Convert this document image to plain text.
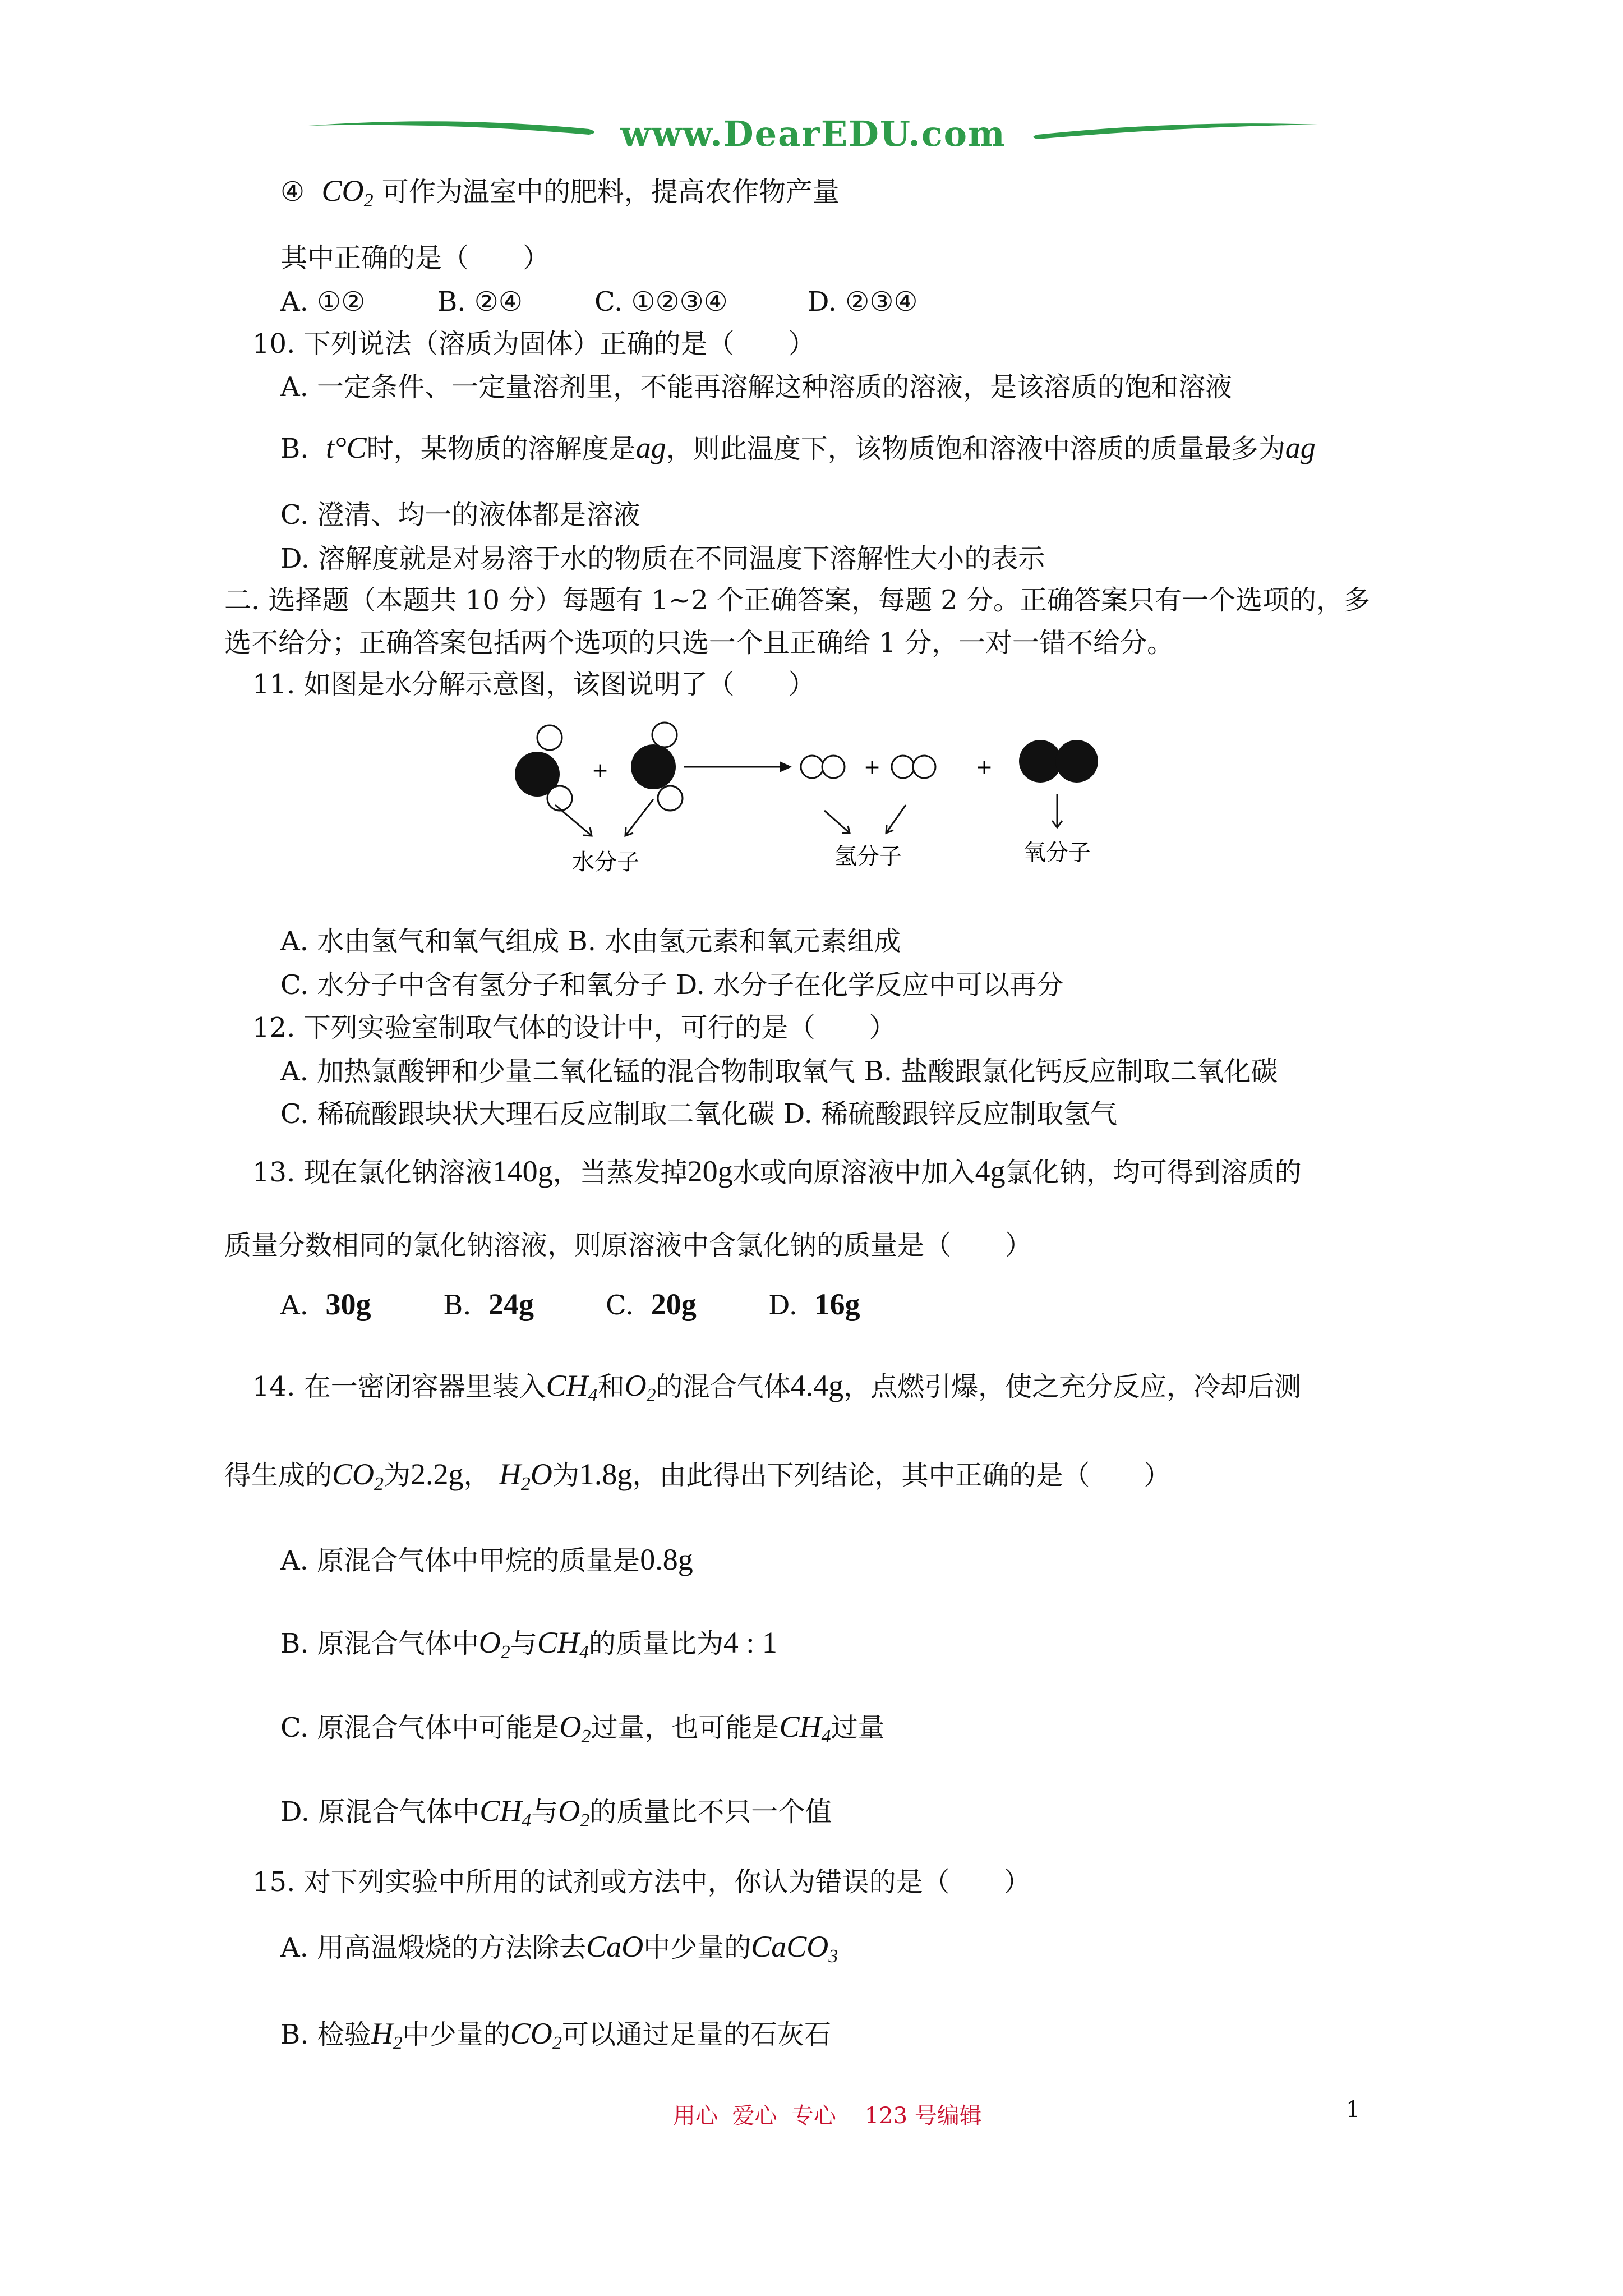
www.DearEDU.com
④ $CO_2$ 可作为温室中的肥料，提高农作物产量
其中正确的是（　　）
A. ①②	B. ②④	C. ①②③④	D. ②③④
10. 下列说法（溶质为固体）正确的是（　　）
A. 一定条件、一定量溶剂里，不能再溶解这种溶质的溶液，是该溶质的饱和溶液
B. t°C时，某物质的溶解度是ag，则此温度下，该物质饱和溶液中溶质的质量最多为ag
C. 澄清、均一的液体都是溶液
D. 溶解度就是对易溶于水的物质在不同温度下溶解性大小的表示
二. 选择题（本题共 10 分）每题有 1~2 个正确答案，每题 2 分。正确答案只有一个选项的，多
选不给分；正确答案包括两个选项的只选一个且正确给 1 分，一对一错不给分。
11. 如图是水分解示意图，该图说明了（　　）
+	+	+
水分子	氢分子	氧分子
A. 水由氢气和氧气组成 B. 水由氢元素和氧元素组成
C. 水分子中含有氢分子和氧分子 D. 水分子在化学反应中可以再分
12. 下列实验室制取气体的设计中，可行的是（　　）
A. 加热氯酸钾和少量二氧化锰的混合物制取氧气 B. 盐酸跟氯化钙反应制取二氧化碳
C. 稀硫酸跟块状大理石反应制取二氧化碳 D. 稀硫酸跟锌反应制取氢气
13. 现在氯化钠溶液140g，当蒸发掉20g水或向原溶液中加入4g氯化钠，均可得到溶质的
质量分数相同的氯化钠溶液，则原溶液中含氯化钠的质量是（　　）
A. 30g	B. 24g	C. 20g	D. 16g
14. 在一密闭容器里装入$CH_4$和$O_2$的混合气体4.4g，点燃引爆，使之充分反应，冷却后测
得生成的$CO_2$为2.2g， $H_2O$为1.8g，由此得出下列结论，其中正确的是（　　）
A. 原混合气体中甲烷的质量是0.8g
B. 原混合气体中$O_2$与$CH_4$的质量比为4 : 1
C. 原混合气体中可能是$O_2$过量，也可能是$CH_4$过量
D. 原混合气体中$CH_4$与$O_2$的质量比不只一个值
15. 对下列实验中所用的试剂或方法中，你认为错误的是（　　）
A. 用高温煅烧的方法除去CaO中少量的CaCO$_3$
B. 检验$H_2$中少量的$CO_2$可以通过足量的石灰石
用心  爱心  专心    123 号编辑	1
